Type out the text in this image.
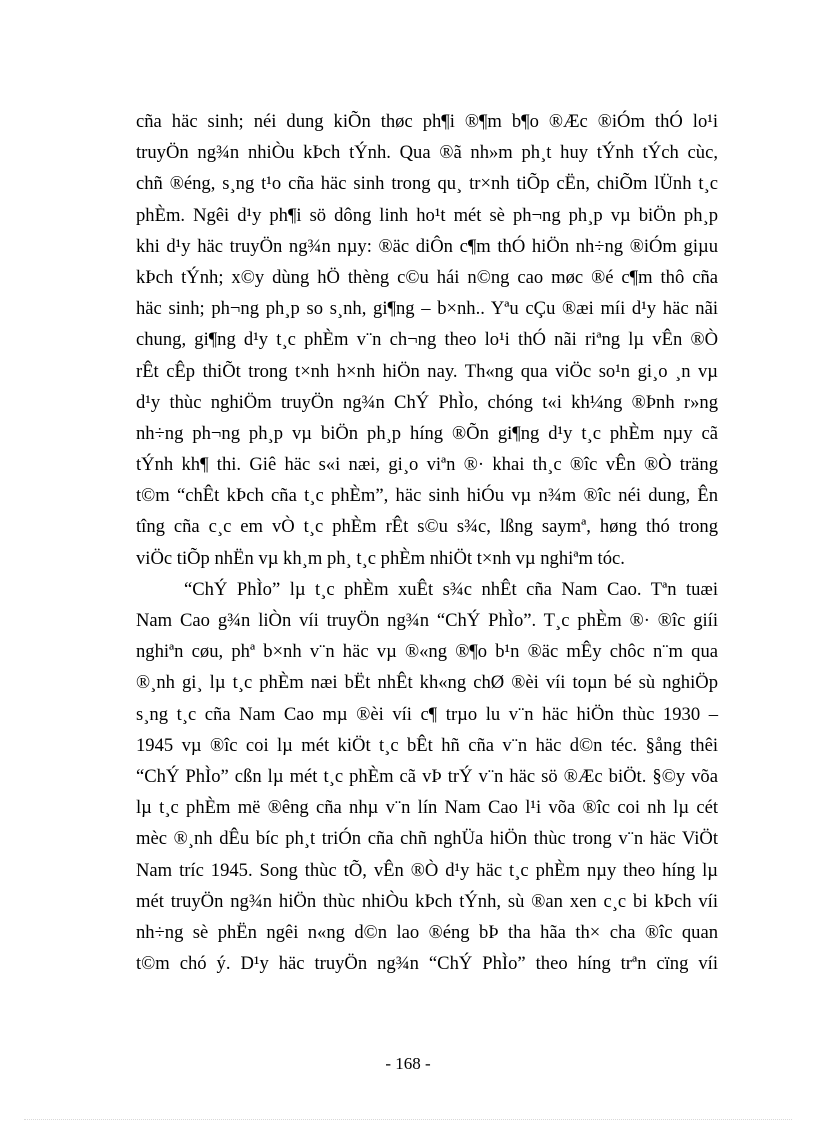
cña häc sinh; néi dung kiÕn thøc ph¶i ®¶m b¶o ®Æc ®iÓm thÓ lo¹i
truyÖn ng¾n nhiÒu kÞch tÝnh. Qua ®ã nh»m ph¸t huy tÝnh tÝch cùc,
chñ ®éng, s¸ng t¹o cña häc sinh trong qu¸ tr×nh tiÕp cËn, chiÕm lÜnh t¸c
phÈm. Ngêi d¹y ph¶i sö dông linh ho¹t mét sè ph¬ng ph¸p vµ biÖn ph¸p
khi d¹y häc truyÖn ng¾n nµy: ®äc diÔn c¶m thÓ hiÖn nh÷ng ®iÓm giµu
kÞch tÝnh; x©y dùng hÖ thèng c©u hái n©ng cao møc ®é c¶m thô cña
häc sinh; ph¬ng ph¸p so s¸nh, gi¶ng – b×nh.. Yªu cÇu ®æi míi d¹y häc nãi
chung, gi¶ng d¹y t¸c phÈm v¨n ch¬ng theo lo¹i thÓ nãi riªng lµ vÊn ®Ò
rÊt cÊp thiÕt trong t×nh h×nh hiÖn nay. Th«ng qua viÖc so¹n gi¸o ¸n vµ
d¹y thùc nghiÖm truyÖn ng¾n ChÝ PhÌo, chóng t«i kh¼ng ®Þnh r»ng
nh÷ng ph¬ng ph¸p vµ biÖn ph¸p híng ®Õn gi¶ng d¹y t¸c phÈm nµy cã
tÝnh kh¶ thi. Giê häc s«i næi, gi¸o viªn ®· khai th¸c ®îc vÊn ®Ò träng
t©m “chÊt kÞch cña t¸c phÈm”, häc sinh hiÓu vµ n¾m ®îc néi dung, Ên
tîng cña c¸c em vÒ t¸c phÈm rÊt s©u s¾c, lßng saymª, høng thó trong
viÖc tiÕp nhËn vµ kh¸m ph¸ t¸c phÈm nhiÖt t×nh vµ nghiªm tóc.
“ChÝ PhÌo” lµ t¸c phÈm xuÊt s¾c nhÊt cña Nam Cao. Tªn tuæi
Nam Cao g¾n liÒn víi truyÖn ng¾n “ChÝ PhÌo”. T¸c phÈm ®· ®îc giíi
nghiªn cøu, phª b×nh v¨n häc vµ ®«ng ®¶o b¹n ®äc mÊy chôc n¨m qua
®¸nh gi¸ lµ t¸c phÈm næi bËt nhÊt kh«ng chØ ®èi víi toµn bé sù nghiÖp
s¸ng t¸c cña Nam Cao mµ ®èi víi c¶ trµo lu v¨n häc hiÖn thùc 1930 –
1945 vµ ®îc coi lµ mét kiÖt t¸c bÊt hñ cña v¨n häc d©n téc. §ång thêi
“ChÝ PhÌo” cßn lµ mét t¸c phÈm cã vÞ trÝ v¨n häc sö ®Æc biÖt. §©y võa
lµ t¸c phÈm më ®êng cña nhµ v¨n lín Nam Cao l¹i võa ®îc coi nh lµ cét
mèc ®¸nh dÊu bíc ph¸t triÓn cña chñ nghÜa hiÖn thùc trong v¨n häc ViÖt
Nam tríc 1945. Song thùc tÕ, vÊn ®Ò d¹y häc t¸c phÈm nµy theo híng lµ
mét truyÖn ng¾n hiÖn thùc nhiÒu kÞch tÝnh, sù ®an xen c¸c bi kÞch víi
nh÷ng sè phËn ngêi n«ng d©n lao ®éng bÞ tha hãa th× cha ®îc quan
t©m chó ý. D¹y häc truyÖn ng¾n “ChÝ PhÌo” theo híng trªn cïng víi
- 168 -
